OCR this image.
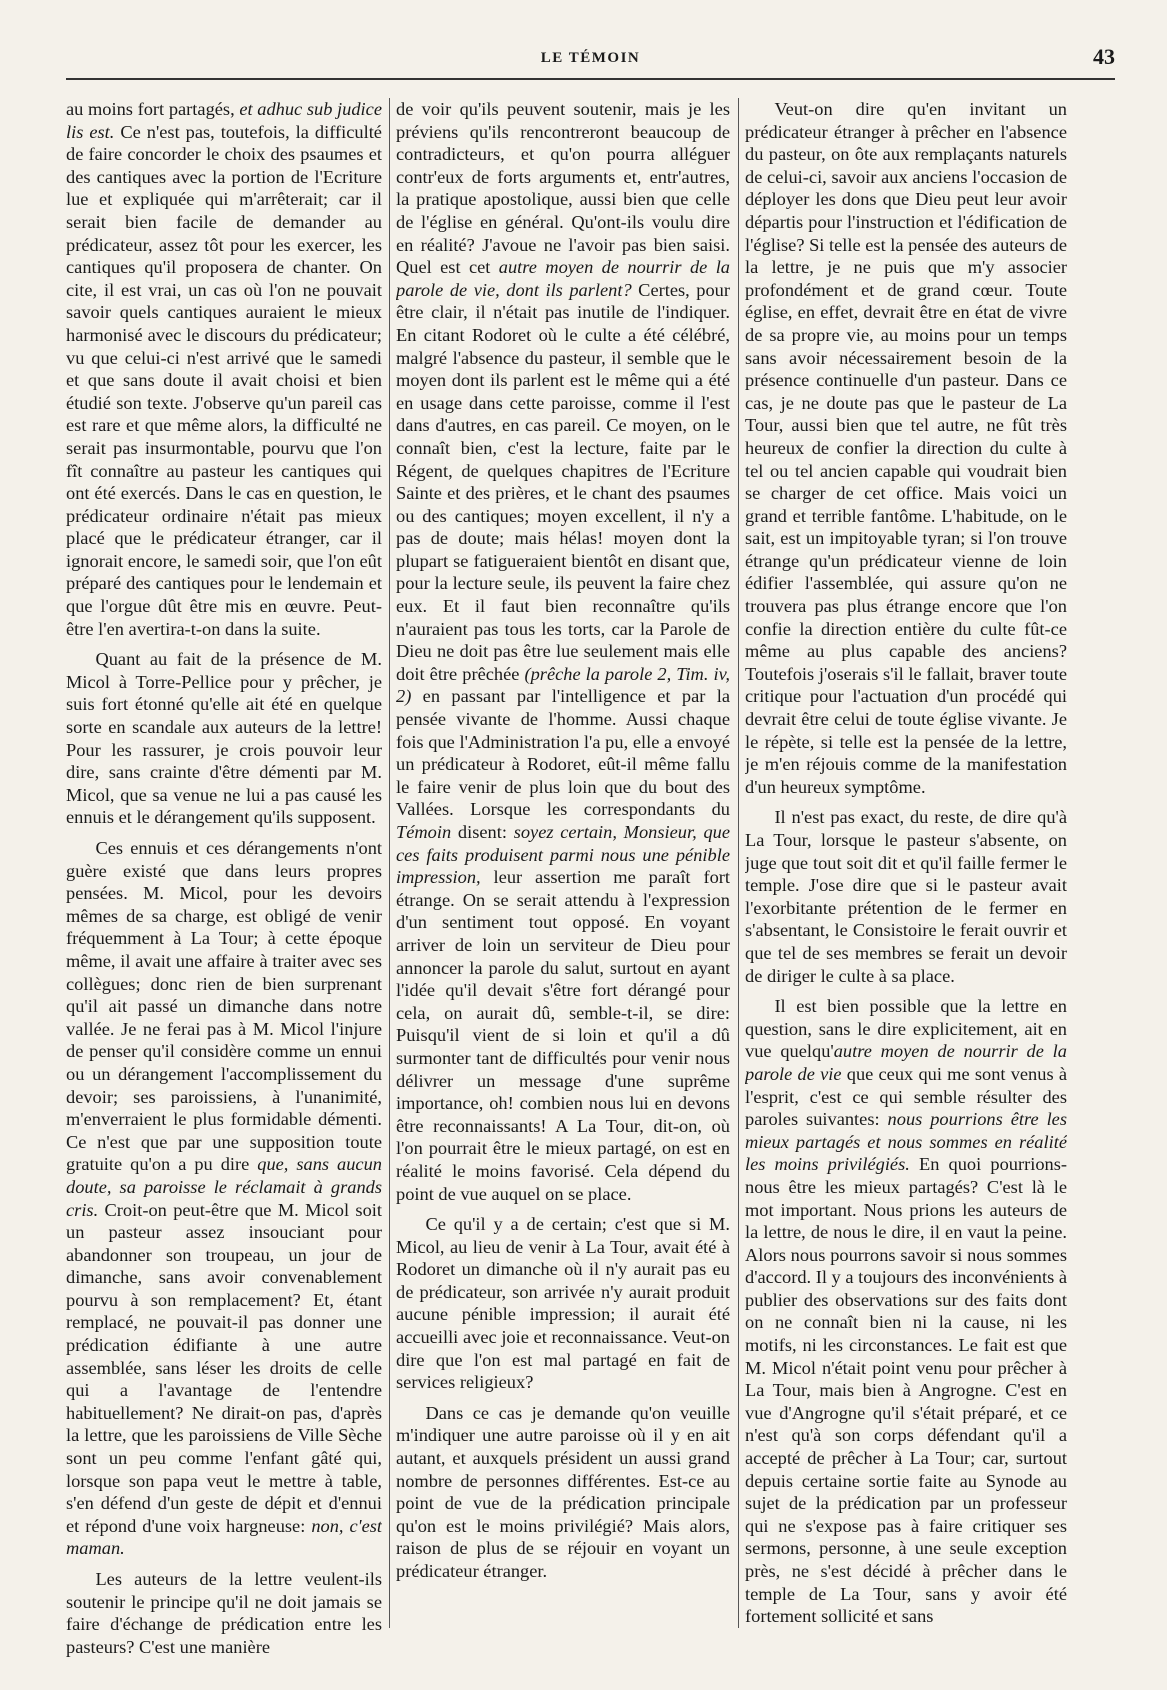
LE TÉMOIN	43

au moins fort partagés, et adhuc sub judice lis est. Ce n'est pas, toutefois, la difficulté de faire concorder le choix des psaumes et des cantiques avec la portion de l'Ecriture lue et expliquée qui m'arrêterait; car il serait bien facile de demander au prédicateur, assez tôt pour les exercer, les cantiques qu'il proposera de chanter. On cite, il est vrai, un cas où l'on ne pouvait savoir quels cantiques auraient le mieux harmonisé avec le discours du prédicateur; vu que celui-ci n'est arrivé que le samedi et que sans doute il avait choisi et bien étudié son texte. J'observe qu'un pareil cas est rare et que même alors, la difficulté ne serait pas insurmontable, pourvu que l'on fît connaître au pasteur les cantiques qui ont été exercés. Dans le cas en question, le prédicateur ordinaire n'était pas mieux placé que le prédicateur étranger, car il ignorait encore, le samedi soir, que l'on eût préparé des cantiques pour le lendemain et que l'orgue dût être mis en œuvre. Peut-être l'en avertira-t-on dans la suite.

Quant au fait de la présence de M. Micol à Torre-Pellice pour y prêcher, je suis fort étonné qu'elle ait été en quelque sorte en scandale aux auteurs de la lettre! Pour les rassurer, je crois pouvoir leur dire, sans crainte d'être démenti par M. Micol, que sa venue ne lui a pas causé les ennuis et le dérangement qu'ils supposent.

Ces ennuis et ces dérangements n'ont guère existé que dans leurs propres pensées. M. Micol, pour les devoirs mêmes de sa charge, est obligé de venir fréquemment à La Tour; à cette époque même, il avait une affaire à traiter avec ses collègues; donc rien de bien surprenant qu'il ait passé un dimanche dans notre vallée. Je ne ferai pas à M. Micol l'injure de penser qu'il considère comme un ennui ou un dérangement l'accomplissement du devoir; ses paroissiens, à l'unanimité, m'enverraient le plus formidable démenti. Ce n'est que par une supposition toute gratuite qu'on a pu dire que, sans aucun doute, sa paroisse le réclamait à grands cris. Croit-on peut-être que M. Micol soit un pasteur assez insouciant pour abandonner son troupeau, un jour de dimanche, sans avoir convenablement pourvu à son remplacement? Et, étant remplacé, ne pouvait-il pas donner une prédication édifiante à une autre assemblée, sans léser les droits de celle qui a l'avantage de l'entendre habituellement? Ne dirait-on pas, d'après la lettre, que les paroissiens de Ville Sèche sont un peu comme l'enfant gâté qui, lorsque son papa veut le mettre à table, s'en défend d'un geste de dépit et d'ennui et répond d'une voix hargneuse: non, c'est maman.

Les auteurs de la lettre veulent-ils soutenir le principe qu'il ne doit jamais se faire d'échange de prédication entre les pasteurs? C'est une manière

de voir qu'ils peuvent soutenir, mais je les préviens qu'ils rencontreront beaucoup de contradicteurs, et qu'on pourra alléguer contr'eux de forts arguments et, entr'autres, la pratique apostolique, aussi bien que celle de l'église en général. Qu'ont-ils voulu dire en réalité? J'avoue ne l'avoir pas bien saisi. Quel est cet autre moyen de nourrir de la parole de vie, dont ils parlent? Certes, pour être clair, il n'était pas inutile de l'indiquer. En citant Rodoret où le culte a été célébré, malgré l'absence du pasteur, il semble que le moyen dont ils parlent est le même qui a été en usage dans cette paroisse, comme il l'est dans d'autres, en cas pareil. Ce moyen, on le connaît bien, c'est la lecture, faite par le Régent, de quelques chapitres de l'Ecriture Sainte et des prières, et le chant des psaumes ou des cantiques; moyen excellent, il n'y a pas de doute; mais hélas! moyen dont la plupart se fatigueraient bientôt en disant que, pour la lecture seule, ils peuvent la faire chez eux. Et il faut bien reconnaître qu'ils n'auraient pas tous les torts, car la Parole de Dieu ne doit pas être lue seulement mais elle doit être prêchée (prêche la parole 2, Tim. iv, 2) en passant par l'intelligence et par la pensée vivante de l'homme. Aussi chaque fois que l'Administration l'a pu, elle a envoyé un prédicateur à Rodoret, eût-il même fallu le faire venir de plus loin que du bout des Vallées. Lorsque les correspondants du Témoin disent: soyez certain, Monsieur, que ces faits produisent parmi nous une pénible impression, leur assertion me paraît fort étrange. On se serait attendu à l'expression d'un sentiment tout opposé. En voyant arriver de loin un serviteur de Dieu pour annoncer la parole du salut, surtout en ayant l'idée qu'il devait s'être fort dérangé pour cela, on aurait dû, semble-t-il, se dire: Puisqu'il vient de si loin et qu'il a dû surmonter tant de difficultés pour venir nous délivrer un message d'une suprême importance, oh! combien nous lui en devons être reconnaissants! A La Tour, dit-on, où l'on pourrait être le mieux partagé, on est en réalité le moins favorisé. Cela dépend du point de vue auquel on se place.

Ce qu'il y a de certain; c'est que si M. Micol, au lieu de venir à La Tour, avait été à Rodoret un dimanche où il n'y aurait pas eu de prédicateur, son arrivée n'y aurait produit aucune pénible impression; il aurait été accueilli avec joie et reconnaissance. Veut-on dire que l'on est mal partagé en fait de services religieux?

Dans ce cas je demande qu'on veuille m'indiquer une autre paroisse où il y en ait autant, et auxquels président un aussi grand nombre de personnes différentes. Est-ce au point de vue de la prédication principale qu'on est le moins privilégié? Mais alors, raison de plus de se réjouir en voyant un prédicateur étranger.

Veut-on dire qu'en invitant un prédicateur étranger à prêcher en l'absence du pasteur, on ôte aux remplaçants naturels de celui-ci, savoir aux anciens l'occasion de déployer les dons que Dieu peut leur avoir départis pour l'instruction et l'édification de l'église? Si telle est la pensée des auteurs de la lettre, je ne puis que m'y associer profondément et de grand cœur. Toute église, en effet, devrait être en état de vivre de sa propre vie, au moins pour un temps sans avoir nécessairement besoin de la présence continuelle d'un pasteur. Dans ce cas, je ne doute pas que le pasteur de La Tour, aussi bien que tel autre, ne fût très heureux de confier la direction du culte à tel ou tel ancien capable qui voudrait bien se charger de cet office. Mais voici un grand et terrible fantôme. L'habitude, on le sait, est un impitoyable tyran; si l'on trouve étrange qu'un prédicateur vienne de loin édifier l'assemblée, qui assure qu'on ne trouvera pas plus étrange encore que l'on confie la direction entière du culte fût-ce même au plus capable des anciens? Toutefois j'oserais s'il le fallait, braver toute critique pour l'actuation d'un procédé qui devrait être celui de toute église vivante. Je le répète, si telle est la pensée de la lettre, je m'en réjouis comme de la manifestation d'un heureux symptôme.

Il n'est pas exact, du reste, de dire qu'à La Tour, lorsque le pasteur s'absente, on juge que tout soit dit et qu'il faille fermer le temple. J'ose dire que si le pasteur avait l'exorbitante prétention de le fermer en s'absentant, le Consistoire le ferait ouvrir et que tel de ses membres se ferait un devoir de diriger le culte à sa place.

Il est bien possible que la lettre en question, sans le dire explicitement, ait en vue quelqu'autre moyen de nourrir de la parole de vie que ceux qui me sont venus à l'esprit, c'est ce qui semble résulter des paroles suivantes: nous pourrions être les mieux partagés et nous sommes en réalité les moins privilégiés. En quoi pourrions-nous être les mieux partagés? C'est là le mot important. Nous prions les auteurs de la lettre, de nous le dire, il en vaut la peine. Alors nous pourrons savoir si nous sommes d'accord. Il y a toujours des inconvénients à publier des observations sur des faits dont on ne connaît bien ni la cause, ni les motifs, ni les circonstances. Le fait est que M. Micol n'était point venu pour prêcher à La Tour, mais bien à Angrogne. C'est en vue d'Angrogne qu'il s'était préparé, et ce n'est qu'à son corps défendant qu'il a accepté de prêcher à La Tour; car, surtout depuis certaine sortie faite au Synode au sujet de la prédication par un professeur qui ne s'expose pas à faire critiquer ses sermons, personne, à une seule exception près, ne s'est décidé à prêcher dans le temple de La Tour, sans y avoir été fortement sollicité et sans
